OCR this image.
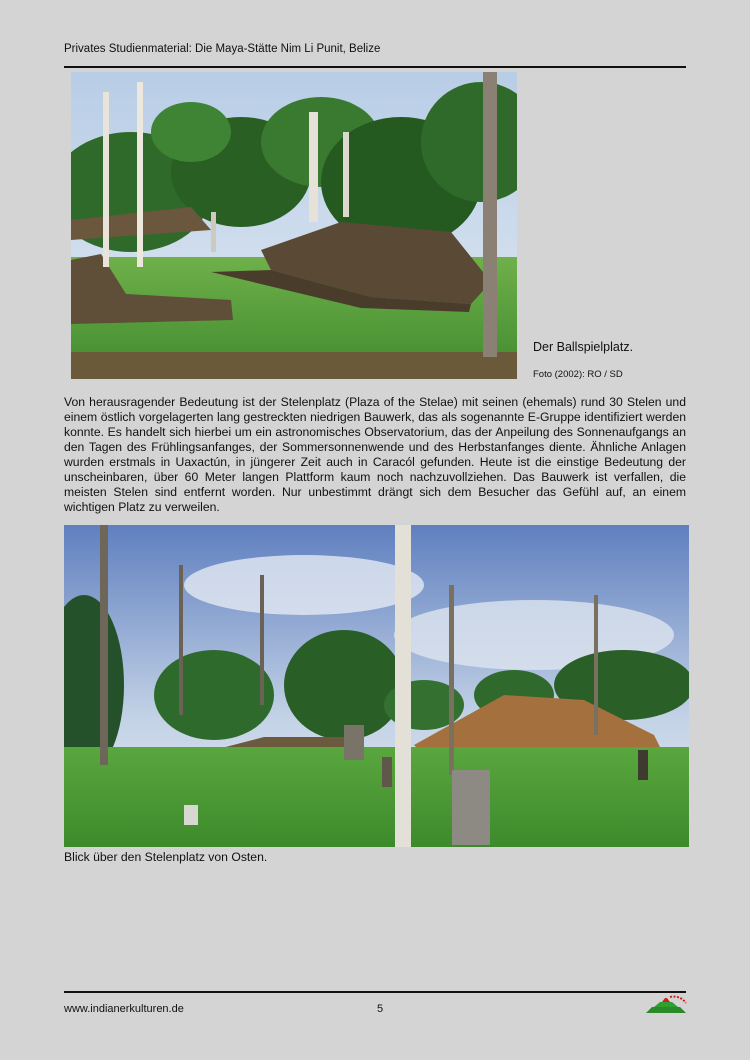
Privates Studienmaterial: Die Maya-Stätte Nim Li Punit, Belize
Der Ballspielplatz.
Foto (2002): RO / SD
Von herausragender Bedeutung ist der Stelenplatz (Plaza of the Stelae) mit seinen (ehemals) rund 30 Stelen und einem östlich vorgelagerten lang gestreckten niedrigen Bauwerk, das als sogenannte E-Gruppe identifiziert werden konnte. Es handelt sich hierbei um ein astronomisches Observatorium, das der Anpeilung des Sonnenaufgangs an den Tagen des Frühlingsanfanges, der Sommersonnenwende und des Herbstanfanges diente. Ähnliche Anlagen wurden erstmals in Uaxactún, in jüngerer Zeit auch in Caracól gefunden. Heute ist die einstige Bedeutung der unscheinbaren, über 60 Meter langen Plattform kaum noch nachzuvollziehen. Das Bauwerk ist verfallen, die meisten Stelen sind entfernt worden. Nur unbestimmt drängt sich dem Besucher das Gefühl auf, an einem wichtigen Platz zu verweilen.
Blick über den Stelenplatz von Osten.
www.indianerkulturen.de	5
